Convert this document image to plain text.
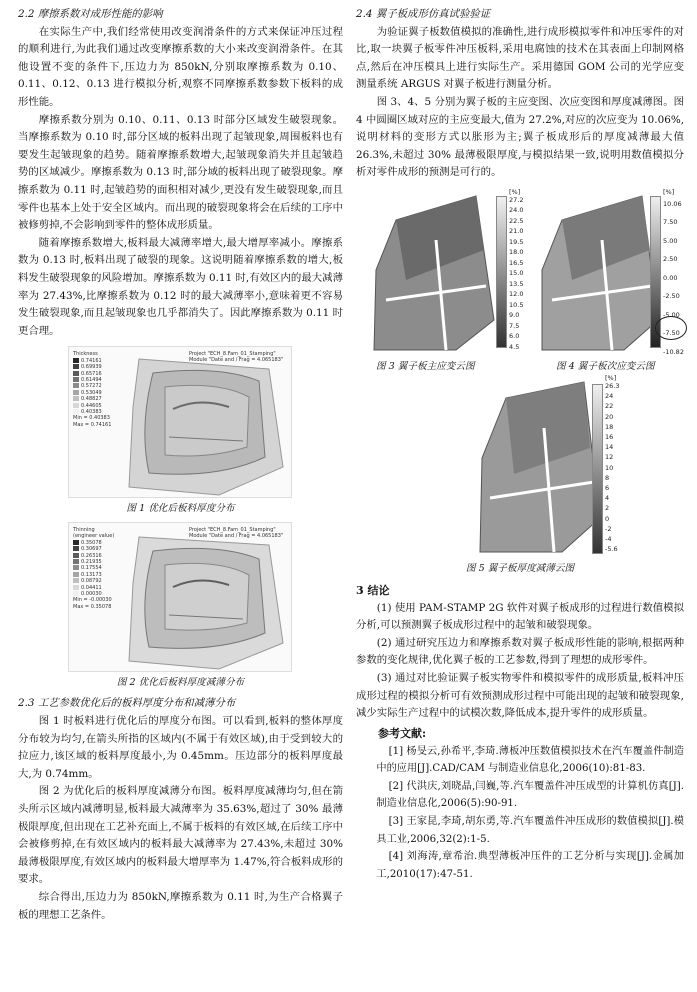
2.2 摩擦系数对成形性能的影响

在实际生产中,我们经常使用改变润滑条件的方式来保证冲压过程的顺利进行,为此我们通过改变摩擦系数的大小来改变润滑条件。在其他设置不变的条件下,压边力为 850kN,分别取摩擦系数为 0.10、0.11、0.12、0.13 进行模拟分析,观察不同摩擦系数参数下板料的成形性能。

摩擦系数分别为 0.10、0.11、0.13 时部分区域发生破裂现象。当摩擦系数为 0.10 时,部分区域的板料出现了起皱现象,周围板料也有要发生起皱现象的趋势。随着摩擦系数增大,起皱现象消失并且起皱趋势的区域减少。摩擦系数为 0.13 时,部分域的板料出现了破裂现象。摩擦系数为 0.11 时,起皱趋势的面积相对减少,更没有发生破裂现象,而且零件也基本上处于安全区域内。而出现的破裂现象将会在后续的工序中被修剪掉,不会影响到零件的整体成形质量。

随着摩擦系数增大,板料最大减薄率增大,最大增厚率减小。摩擦系数为 0.13 时,板料出现了破裂的现象。这说明随着摩擦系数的增大,板料发生破裂现象的风险增加。摩擦系数为 0.11 时,有效区内的最大减薄率为 27.43%,比摩擦系数为 0.12 时的最大减薄率小,意味着更不容易发生破裂现象,而且起皱现象也几乎都消失了。因此摩擦系数为 0.11 时更合理。

Thickness
0.74161
0.69939
0.65716
0.61494
0.57272
0.53049
0.48827
0.44605
0.40383
Min = 0.40383
Max = 0.74161
Project "ECH_8.Fam_01_Stamping"
Module "Date and / Frag = 4.065183"
图 1 优化后板料厚度分布
Thinning (engineer value)
0.35078
0.30697
0.26316
0.21935
0.17554
0.13173
0.08792
0.04411
0.00030
Min = -0.00030
Max = 0.35078
Project "ECH_8.Fam_01_Stamping"
Module "Date and / Frag = 4.065183"
图 2 优化后板料厚度减薄分布
2.3 工艺参数优化后的板料厚度分布和减薄分布

图 1 时板料进行优化后的厚度分布图。可以看到,板料的整体厚度分布较为均匀,在箭头所指的区域内(不属于有效区域),由于受到较大的拉应力,该区域的板料厚度最小,为 0.45mm。压边部分的板料厚度最大,为 0.74mm。

图 2 为优化后的板料厚度减薄分布图。板料厚度减薄均匀,但在箭头所示区域内减薄明显,板料最大减薄率为 35.63%,超过了 30% 最薄极限厚度,但出现在工艺补充面上,不属于板料的有效区域,在后续工序中会被修剪掉,在有效区域内的板料最大减薄率为 27.43%,未超过 30% 最薄极限厚度,有效区域内的板料最大增厚率为 1.47%,符合板料成形的要求。

综合得出,压边力为 850kN,摩擦系数为 0.11 时,为生产合格翼子板的理想工艺条件。

2.4 翼子板成形仿真试验验证

为验证翼子板数值模拟的准确性,进行成形模拟零件和冲压零件的对比,取一块翼子板零件冲压板料,采用电腐蚀的技术在其表面上印制网格点,然后在冲压模具上进行实际生产。采用德国 GOM 公司的光学应变测量系统 ARGUS 对翼子板进行测量分析。

图 3、4、5 分别为翼子板的主应变图、次应变图和厚度减薄图。图 4 中圆圈区域对应的主应变最大,值为 27.2%,对应的次应变为 10.06%,说明材料的变形方式以胀形为主;翼子板成形后的厚度减薄最大值 26.3%,未超过 30% 最薄极限厚度,与模拟结果一致,说明用数值模拟分析对零件成形的预测是可行的。

[%]
27.2
24.0
22.5
21.0
19.5
18.0
16.5
15.0
13.5
12.0
10.5
9.0
7.5
6.0
4.5
[%]
10.06
7.50
5.00
2.50
0.00
-2.50
-5.00
-7.50
-10.82
图 3 翼子板主应变云图	图 4 翼子板次应变云图
[%]
26.3
24
22
20
18
16
14
12
10
8
6
4
2
0
-2
-4
-5.6
图 5 翼子板厚度减薄云图
3 结论

(1) 使用 PAM-STAMP 2G 软件对翼子板成形的过程进行数值模拟分析,可以预测翼子板成形过程中的起皱和破裂现象。

(2) 通过研究压边力和摩擦系数对翼子板成形性能的影响,根据两种参数的变化规律,优化翼子板的工艺参数,得到了理想的成形零件。

(3) 通过对比验证翼子板实物零件和模拟零件的成形质量,板料冲压成形过程的模拟分析可有效预测成形过程中可能出现的起皱和破裂现象,减少实际生产过程中的试模次数,降低成本,提升零件的成形质量。

参考文献:

[1] 杨旻云,孙希平,李琦.薄板冲压数值模拟技术在汽车覆盖件制造中的应用[J].CAD/CAM 与制造业信息化,2006(10):81-83.

[2] 代洪庆,刘晓晶,闫巍,等.汽车覆盖件冲压成型的计算机仿真[J].制造业信息化,2006(5):90-91.

[3] 王家昆,李琦,胡东勇,等.汽车覆盖件冲压成形的数值模拟[J].模具工业,2006,32(2):1-5.

[4] 刘海涛,章希治.典型薄板冲压件的工艺分析与实现[J].金属加工,2010(17):47-51.
